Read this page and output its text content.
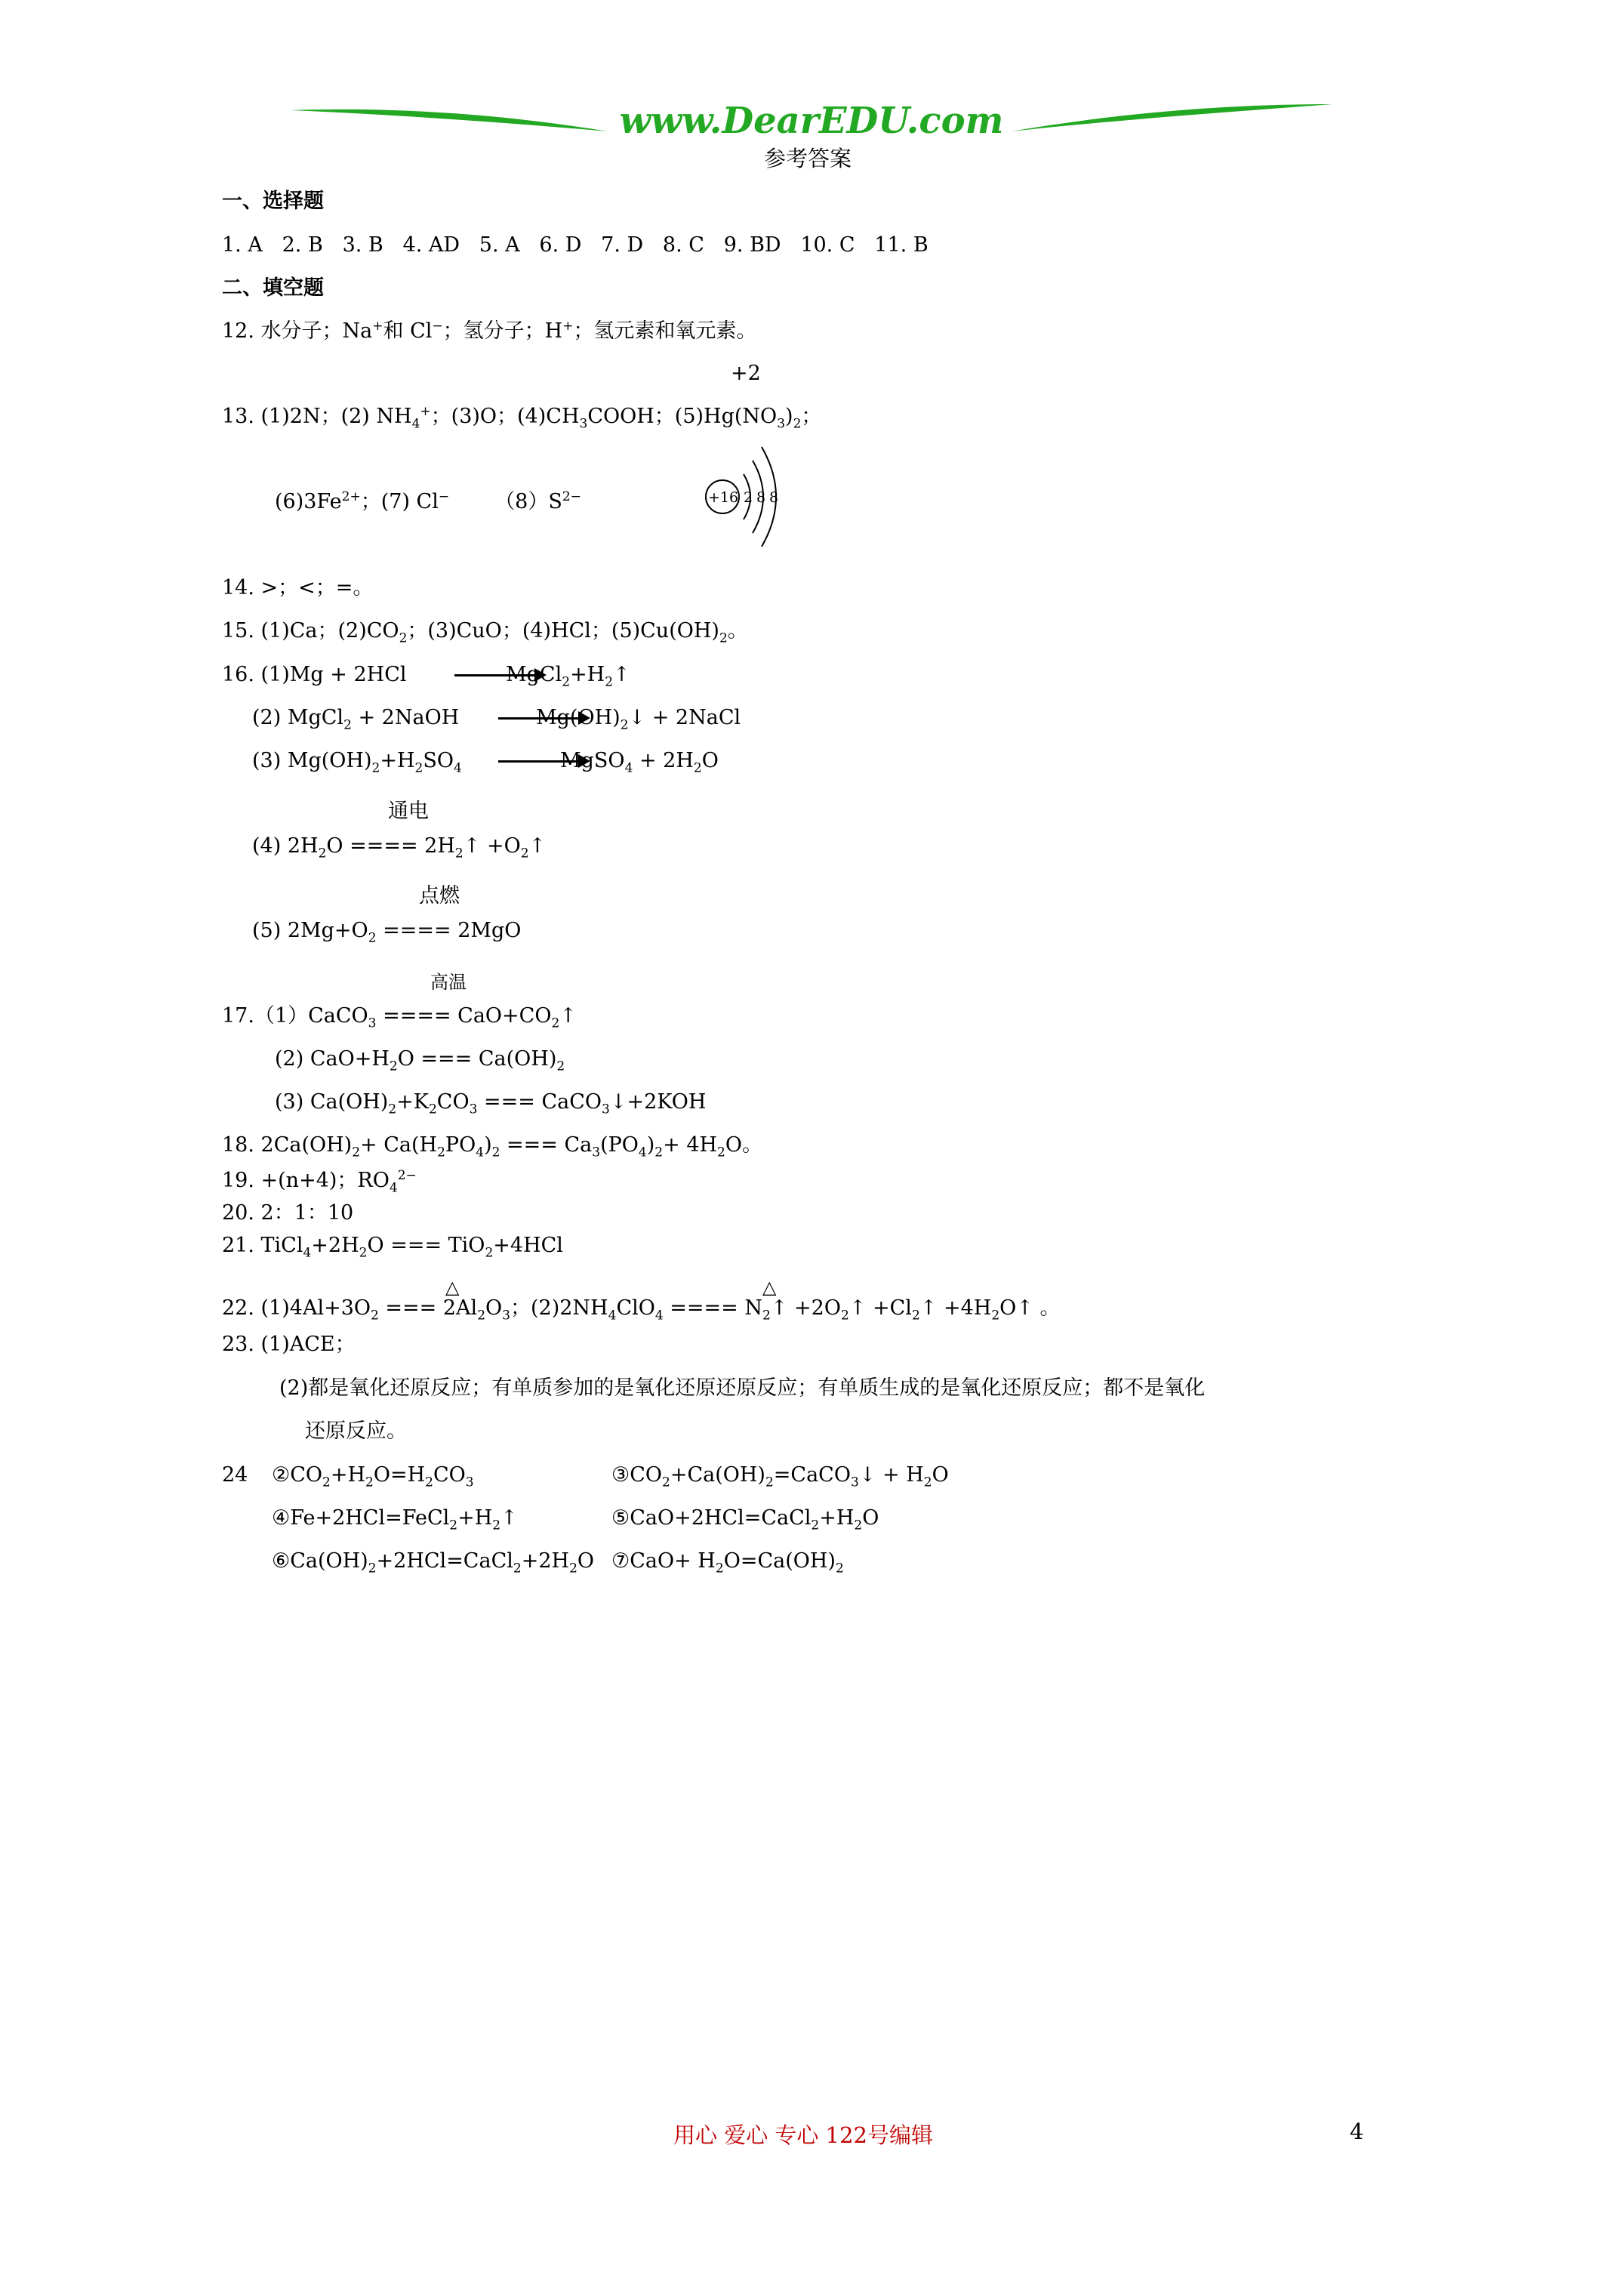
www.DearEDU.com
参考答案
一、选择题
1. A 2. B 3. B 4. AD 5. A 6. D 7. D 8. C 9. BD 10. C 11. B
二、填空题
12. 水分子；Na+和 Cl−；氢分子；H+；氢元素和氧元素。
+2
13. (1)2N；(2) $NH_4^+$；(3)O；$(4)CH_3COOH$；$(5)Hg(NO_3)_2$；
$(6)3Fe^{2+}$；(7) Cl− $(8)S^{2-}$	+16 2 8 8
14. >；<；=。
15. (1)Ca；$(2)CO_2$；(3)CuO；(4)HCl；$(5)Cu(OH)_2$。
16. (1)Mg + 2HCl	$MgCl_2+H_2↑$
(2) MgCl$_2$ + 2NaOH	$Mg(OH)_2↓$ + 2NaCl
(3) $Mg(OH)_2+H_2SO_4$	MgSO$_4$ + $2H_2O$
通电
(4) $2H_2O$ ==== $2H_2↑$ $+O_2↑$
点燃
(5) $2Mg+O_2$ ==== 2MgO
高温
17.（1）CaCO$_3$ ==== $CaO+CO_2↑$
(2) $CaO+H_2O$ === $Ca(OH)_2$
(3) $Ca(OH)_2+K_2CO_3$ === CaCO$_3$↓+2KOH
18. $2Ca(OH)_2+ Ca(H_2PO_4)_2$ === $Ca_3(PO_4)_2+ 4H_2O$。
19. +(n+4)；$RO_4^{2-}$
20. 2：1：10
21. $TiCl_4+2H_2O$ === TiO$_2$+4HCl
△	△
22. $(1)4Al+3O_2$ === $2Al_2O_3$；$(2)2NH_4ClO_4$ ==== $N_2↑$ $+2O_2↑$ $+Cl_2↑$ $+4H_2O↑$ 。
23. (1)ACE；
(2)都是氧化还原反应；有单质参加的是氧化还原还原反应；有单质生成的是氧化还原反应；都不是氧化
还原反应。
24 $②CO_2+H_2O=H_2CO_3$	$③CO_2+Ca(OH)_2=CaCO_3↓ + H_2O$
$④Fe+2HCl=FeCl_2+H_2↑$	$⑤CaO+2HCl=CaCl_2+H_2O$
$⑥Ca(OH)_2+2HCl=CaCl_2+2H_2O$ ⑦CaO+ $H_2O=Ca(OH)_2$
用心 爱心 专心 122号编辑	4
